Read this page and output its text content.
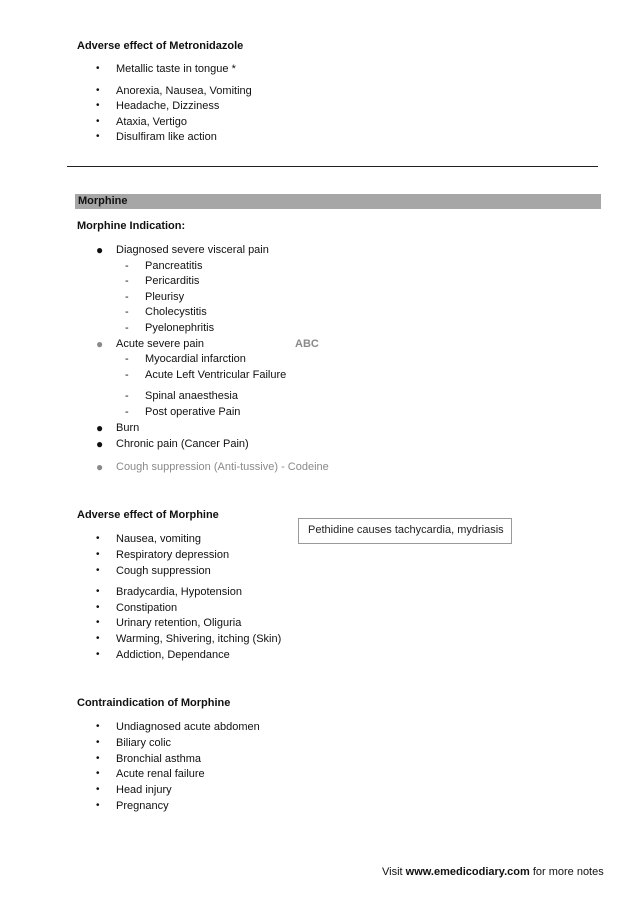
Adverse effect of Metronidazole
• Metallic taste in tongue *
• Anorexia, Nausea, Vomiting
• Headache, Dizziness
• Ataxia, Vertigo
• Disulfiram like action
Morphine
Morphine Indication:
● Diagnosed severe visceral pain
- Pancreatitis
- Pericarditis
- Pleurisy
- Cholecystitis
- Pyelonephritis
● Acute severe pain	ABC
- Myocardial infarction
- Acute Left Ventricular Failure
- Spinal anaesthesia
- Post operative Pain
● Burn
● Chronic pain (Cancer Pain)
● Cough suppression (Anti-tussive) - Codeine
Adverse effect of Morphine
Pethidine causes tachycardia, mydriasis
• Nausea, vomiting
• Respiratory depression
• Cough suppression
• Bradycardia, Hypotension
• Constipation
• Urinary retention, Oliguria
• Warming, Shivering, itching (Skin)
• Addiction, Dependance
Contraindication of Morphine
• Undiagnosed acute abdomen
• Biliary colic
• Bronchial asthma
• Acute renal failure
• Head injury
• Pregnancy
Visit www.emedicodiary.com for more notes
